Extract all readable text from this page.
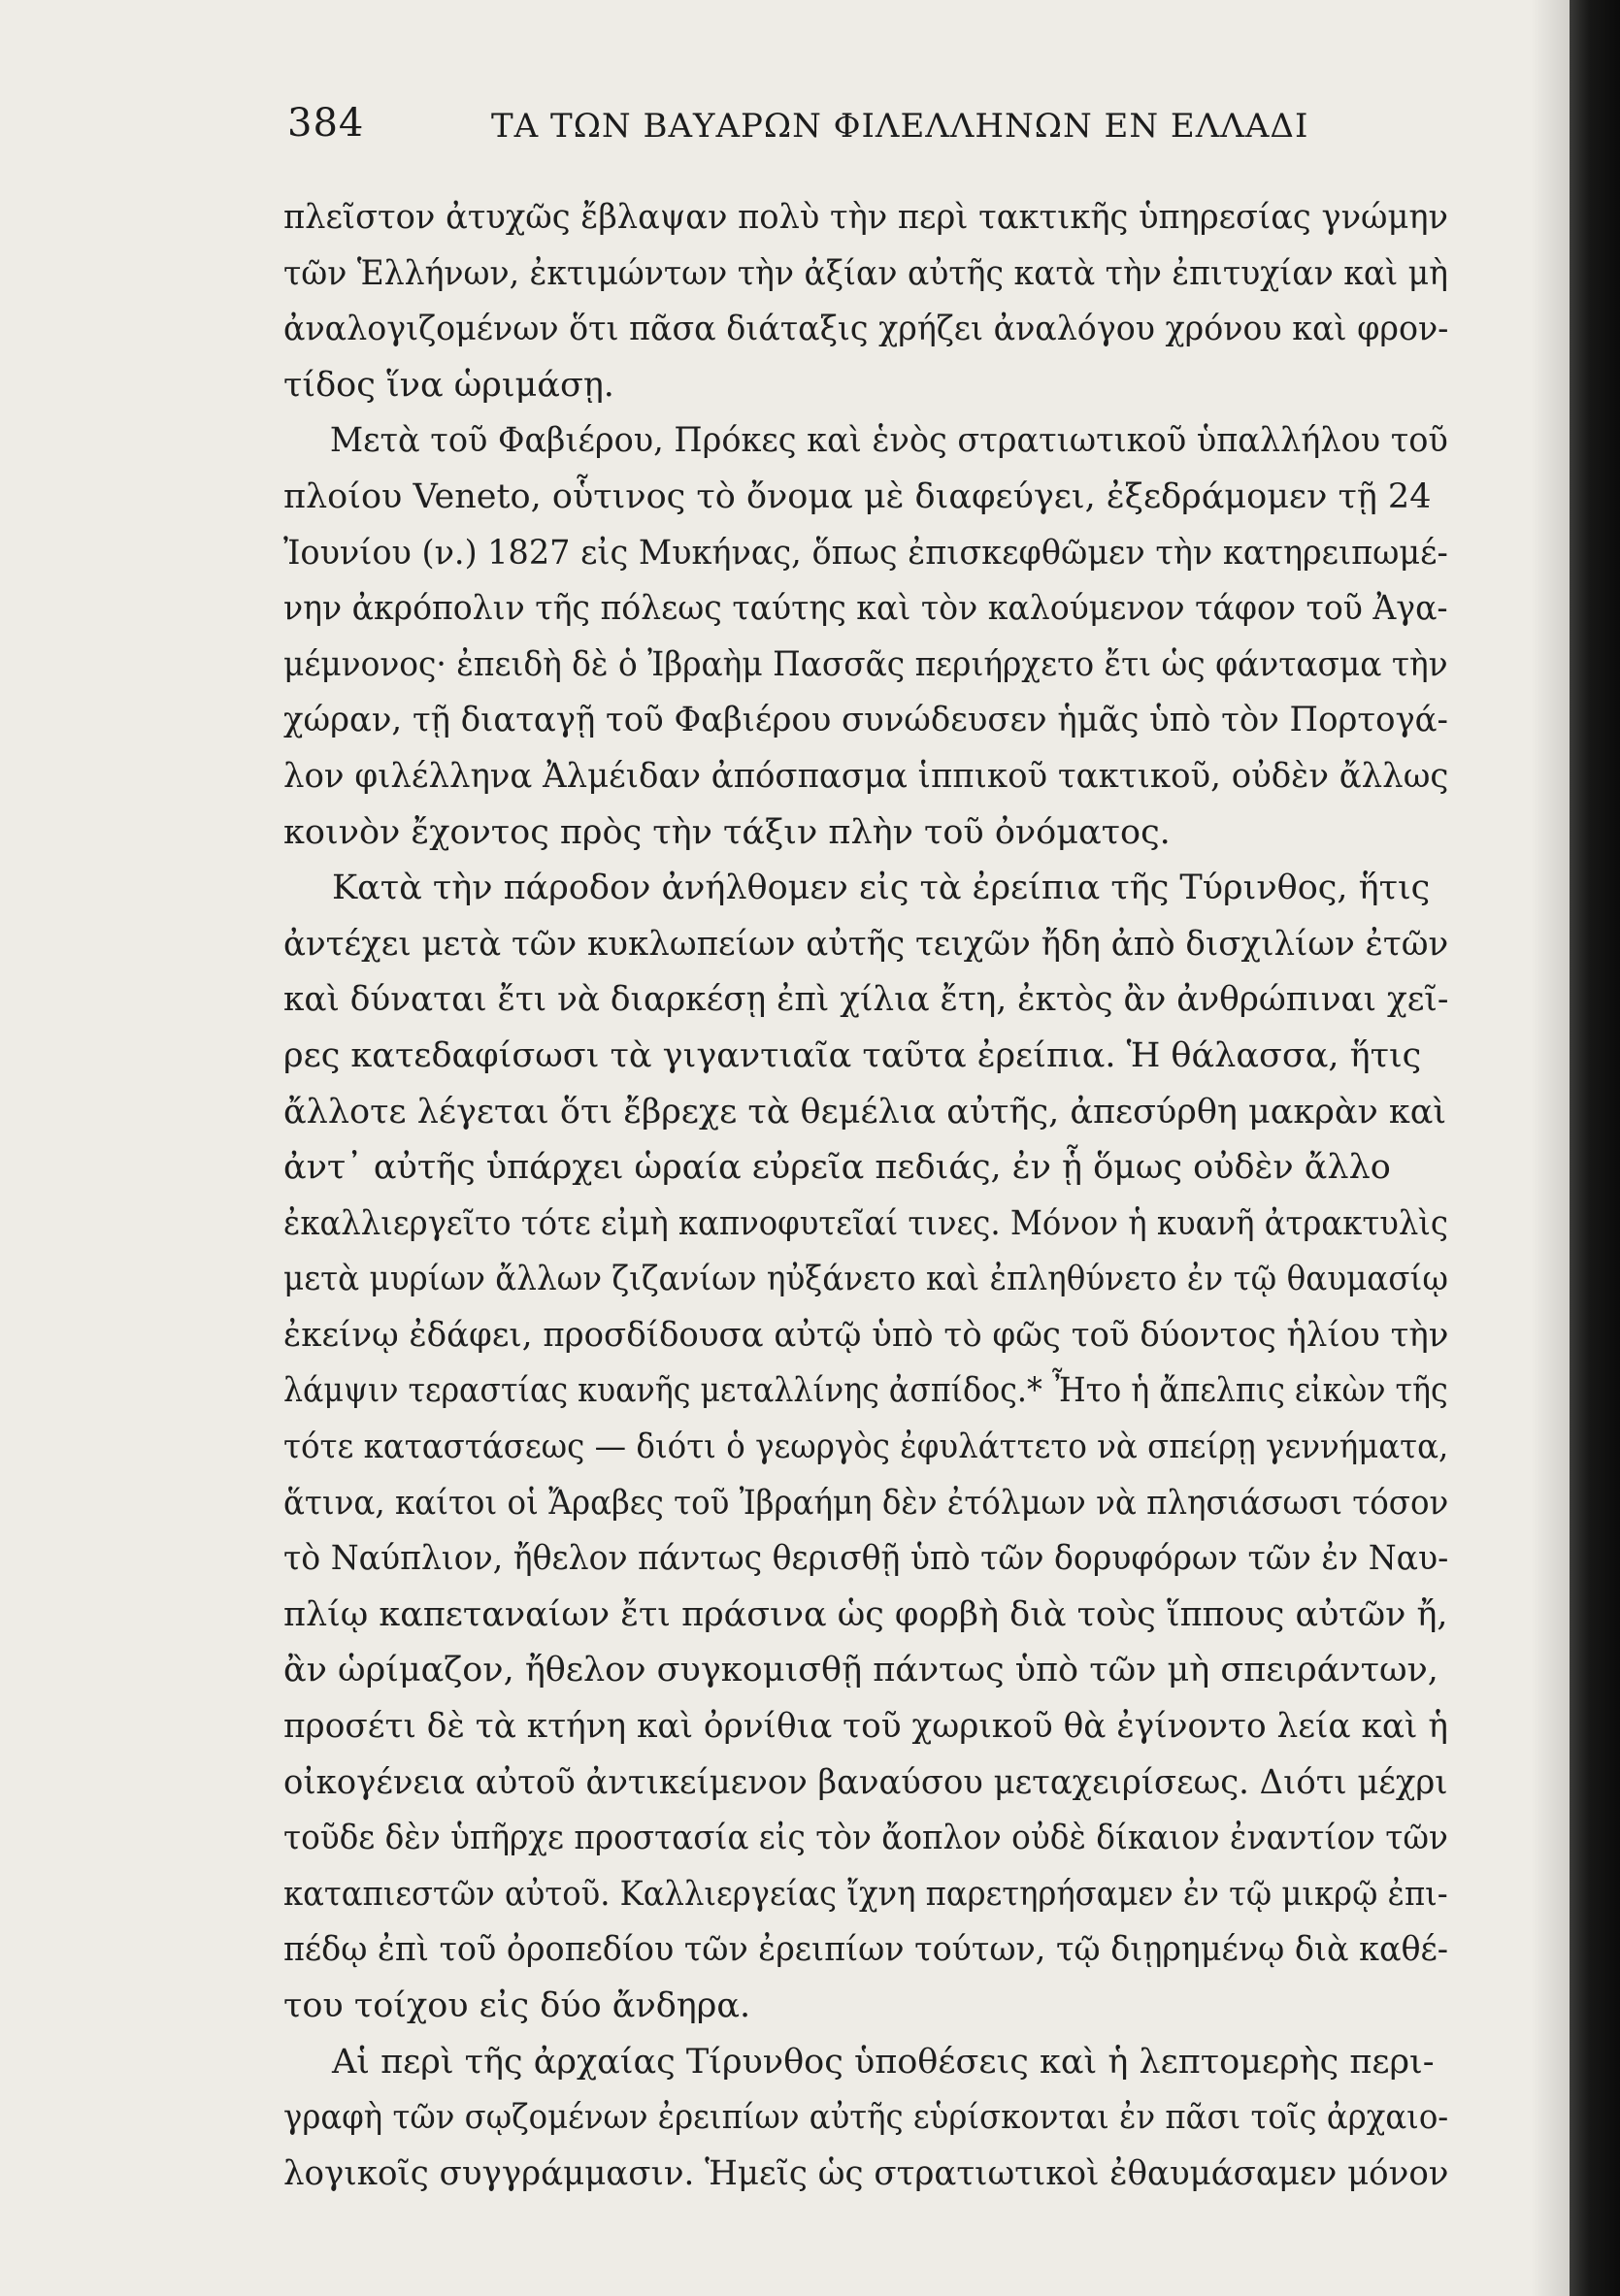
384	ΤΑ ΤΩΝ ΒΑΥΑΡΩΝ ΦΙΛΕΛΛΗΝΩΝ ΕΝ ΕΛΛΑΔΙ
πλεῖστον ἀτυχῶς ἔβλαψαν πολὺ τὴν περὶ τακτικῆς ὑπηρεσίας γνώμην
τῶν Ἑλλήνων, ἐκτιμώντων τὴν ἀξίαν αὐτῆς κατὰ τὴν ἐπιτυχίαν καὶ μὴ
ἀναλογιζομένων ὅτι πᾶσα διάταξις χρήζει ἀναλόγου χρόνου καὶ φρον-
τίδος ἵνα ὡριμάσῃ.
Μετὰ τοῦ Φαβιέρου, Πρόκες καὶ ἑνὸς στρατιωτικοῦ ὑπαλλήλου τοῦ
πλοίου Veneto, οὗτινος τὸ ὄνομα μὲ διαφεύγει, ἐξεδράμομεν τῇ 24
Ἰουνίου (ν.) 1827 εἰς Μυκήνας, ὅπως ἐπισκεφθῶμεν τὴν κατηρειπωμέ-
νην ἀκρόπολιν τῆς πόλεως ταύτης καὶ τὸν καλούμενον τάφον τοῦ Ἀγα-
μέμνονος· ἐπειδὴ δὲ ὁ Ἰβραὴμ Πασσᾶς περιήρχετο ἔτι ὡς φάντασμα τὴν
χώραν, τῇ διαταγῇ τοῦ Φαβιέρου συνώδευσεν ἡμᾶς ὑπὸ τὸν Πορτογά-
λον φιλέλληνα Ἀλμέιδαν ἀπόσπασμα ἱππικοῦ τακτικοῦ, οὐδὲν ἄλλως
κοινὸν ἔχοντος πρὸς τὴν τάξιν πλὴν τοῦ ὀνόματος.
Κατὰ τὴν πάροδον ἀνήλθομεν εἰς τὰ ἐρείπια τῆς Τύρινθος, ἥτις
ἀντέχει μετὰ τῶν κυκλωπείων αὐτῆς τειχῶν ἤδη ἀπὸ δισχιλίων ἐτῶν
καὶ δύναται ἔτι νὰ διαρκέσῃ ἐπὶ χίλια ἔτη, ἐκτὸς ἂν ἀνθρώπιναι χεῖ-
ρες κατεδαφίσωσι τὰ γιγαντιαῖα ταῦτα ἐρείπια. Ἡ θάλασσα, ἥτις
ἄλλοτε λέγεται ὅτι ἔβρεχε τὰ θεμέλια αὐτῆς, ἀπεσύρθη μακρὰν καὶ
ἀντ᾽ αὐτῆς ὑπάρχει ὡραία εὐρεῖα πεδιάς, ἐν ᾗ ὅμως οὐδὲν ἄλλο
ἐκαλλιεργεῖτο τότε εἰμὴ καπνοφυτεῖαί τινες. Μόνον ἡ κυανῆ ἀτρακτυλὶς
μετὰ μυρίων ἄλλων ζιζανίων ηὐξάνετο καὶ ἐπληθύνετο ἐν τῷ θαυμασίῳ
ἐκείνῳ ἐδάφει, προσδίδουσα αὐτῷ ὑπὸ τὸ φῶς τοῦ δύοντος ἡλίου τὴν
λάμψιν τεραστίας κυανῆς μεταλλίνης ἀσπίδος.* Ἦτο ἡ ἄπελπις εἰκὼν τῆς
τότε καταστάσεως — διότι ὁ γεωργὸς ἐφυλάττετο νὰ σπείρῃ γεννήματα,
ἅτινα, καίτοι οἱ Ἄραβες τοῦ Ἰβραήμη δὲν ἐτόλμων νὰ πλησιάσωσι τόσον
τὸ Ναύπλιον, ἤθελον πάντως θερισθῇ ὑπὸ τῶν δορυφόρων τῶν ἐν Ναυ-
πλίῳ καπεταναίων ἔτι πράσινα ὡς φορβὴ διὰ τοὺς ἵππους αὐτῶν ἤ,
ἂν ὡρίμαζον, ἤθελον συγκομισθῇ πάντως ὑπὸ τῶν μὴ σπειράντων,
προσέτι δὲ τὰ κτήνη καὶ ὀρνίθια τοῦ χωρικοῦ θὰ ἐγίνοντο λεία καὶ ἡ
οἰκογένεια αὐτοῦ ἀντικείμενον βαναύσου μεταχειρίσεως. Διότι μέχρι
τοῦδε δὲν ὑπῆρχε προστασία εἰς τὸν ἄοπλον οὐδὲ δίκαιον ἐναντίον τῶν
καταπιεστῶν αὐτοῦ. Καλλιεργείας ἴχνη παρετηρήσαμεν ἐν τῷ μικρῷ ἐπι-
πέδῳ ἐπὶ τοῦ ὀροπεδίου τῶν ἐρειπίων τούτων, τῷ διῃρημένῳ διὰ καθέ-
του τοίχου εἰς δύο ἄνδηρα.
Αἱ περὶ τῆς ἀρχαίας Τίρυνθος ὑποθέσεις καὶ ἡ λεπτομερὴς περι-
γραφὴ τῶν σῳζομένων ἐρειπίων αὐτῆς εὑρίσκονται ἐν πᾶσι τοῖς ἀρχαιο-
λογικοῖς συγγράμμασιν. Ἡμεῖς ὡς στρατιωτικοὶ ἐθαυμάσαμεν μόνον
